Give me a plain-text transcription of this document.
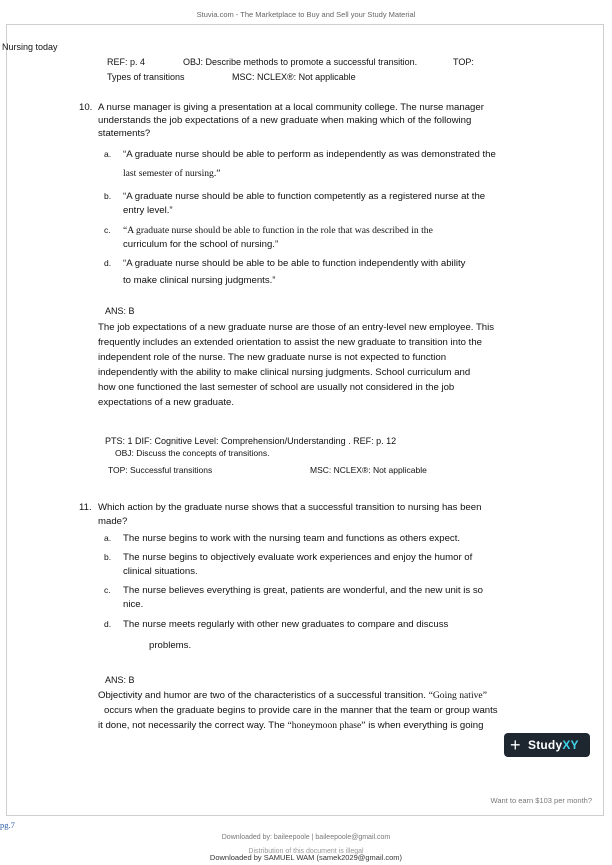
Stuvia.com - The Marketplace to Buy and Sell your Study Material
Nursing today
REF: p. 4	OBJ: Describe methods to promote a successful transition.	TOP:
Types of transitions	MSC: NCLEX®: Not applicable
10. A nurse manager is giving a presentation at a local community college. The nurse manager
understands the job expectations of a new graduate when making which of the following
statements?
a. “A graduate nurse should be able to perform as independently as was demonstrated the
last semester of nursing.”
b. “A graduate nurse should be able to function competently as a registered nurse at the
entry level.”
c. “A graduate nurse should be able to function in the role that was described in the
curriculum for the school of nursing.”
d. “A graduate nurse should be able to be able to function independently with ability
to make clinical nursing judgments.”
ANS: B
The job expectations of a new graduate nurse are those of an entry-level new employee. This
frequently includes an extended orientation to assist the new graduate to transition into the
independent role of the nurse. The new graduate nurse is not expected to function
independently with the ability to make clinical nursing judgments. School curriculum and
how one functioned the last semester of school are usually not considered in the job
expectations of a new graduate.
PTS: 1 DIF: Cognitive Level: Comprehension/Understanding . REF: p. 12
OBJ: Discuss the concepts of transitions.
TOP: Successful transitions	MSC: NCLEX®: Not applicable
11. Which action by the graduate nurse shows that a successful transition to nursing has been
made?
a. The nurse begins to work with the nursing team and functions as others expect.
b. The nurse begins to objectively evaluate work experiences and enjoy the humor of
clinical situations.
c. The nurse believes everything is great, patients are wonderful, and the new unit is so
nice.
d. The nurse meets regularly with other new graduates to compare and discuss
problems.
ANS: B
Objectivity and humor are two of the characteristics of a successful transition. “Going native”
occurs when the graduate begins to provide care in the manner that the team or group wants
it done, not necessarily the correct way. The “honeymoon phase” is when everything is going
+ StudyXY
Want to earn $103 per month?
pg.7
Downloaded by: baileepoole | baileepoole@gmail.com
Distribution of this document is illegal
Downloaded by SAMUEL WAM (samek2029@gmail.com)
